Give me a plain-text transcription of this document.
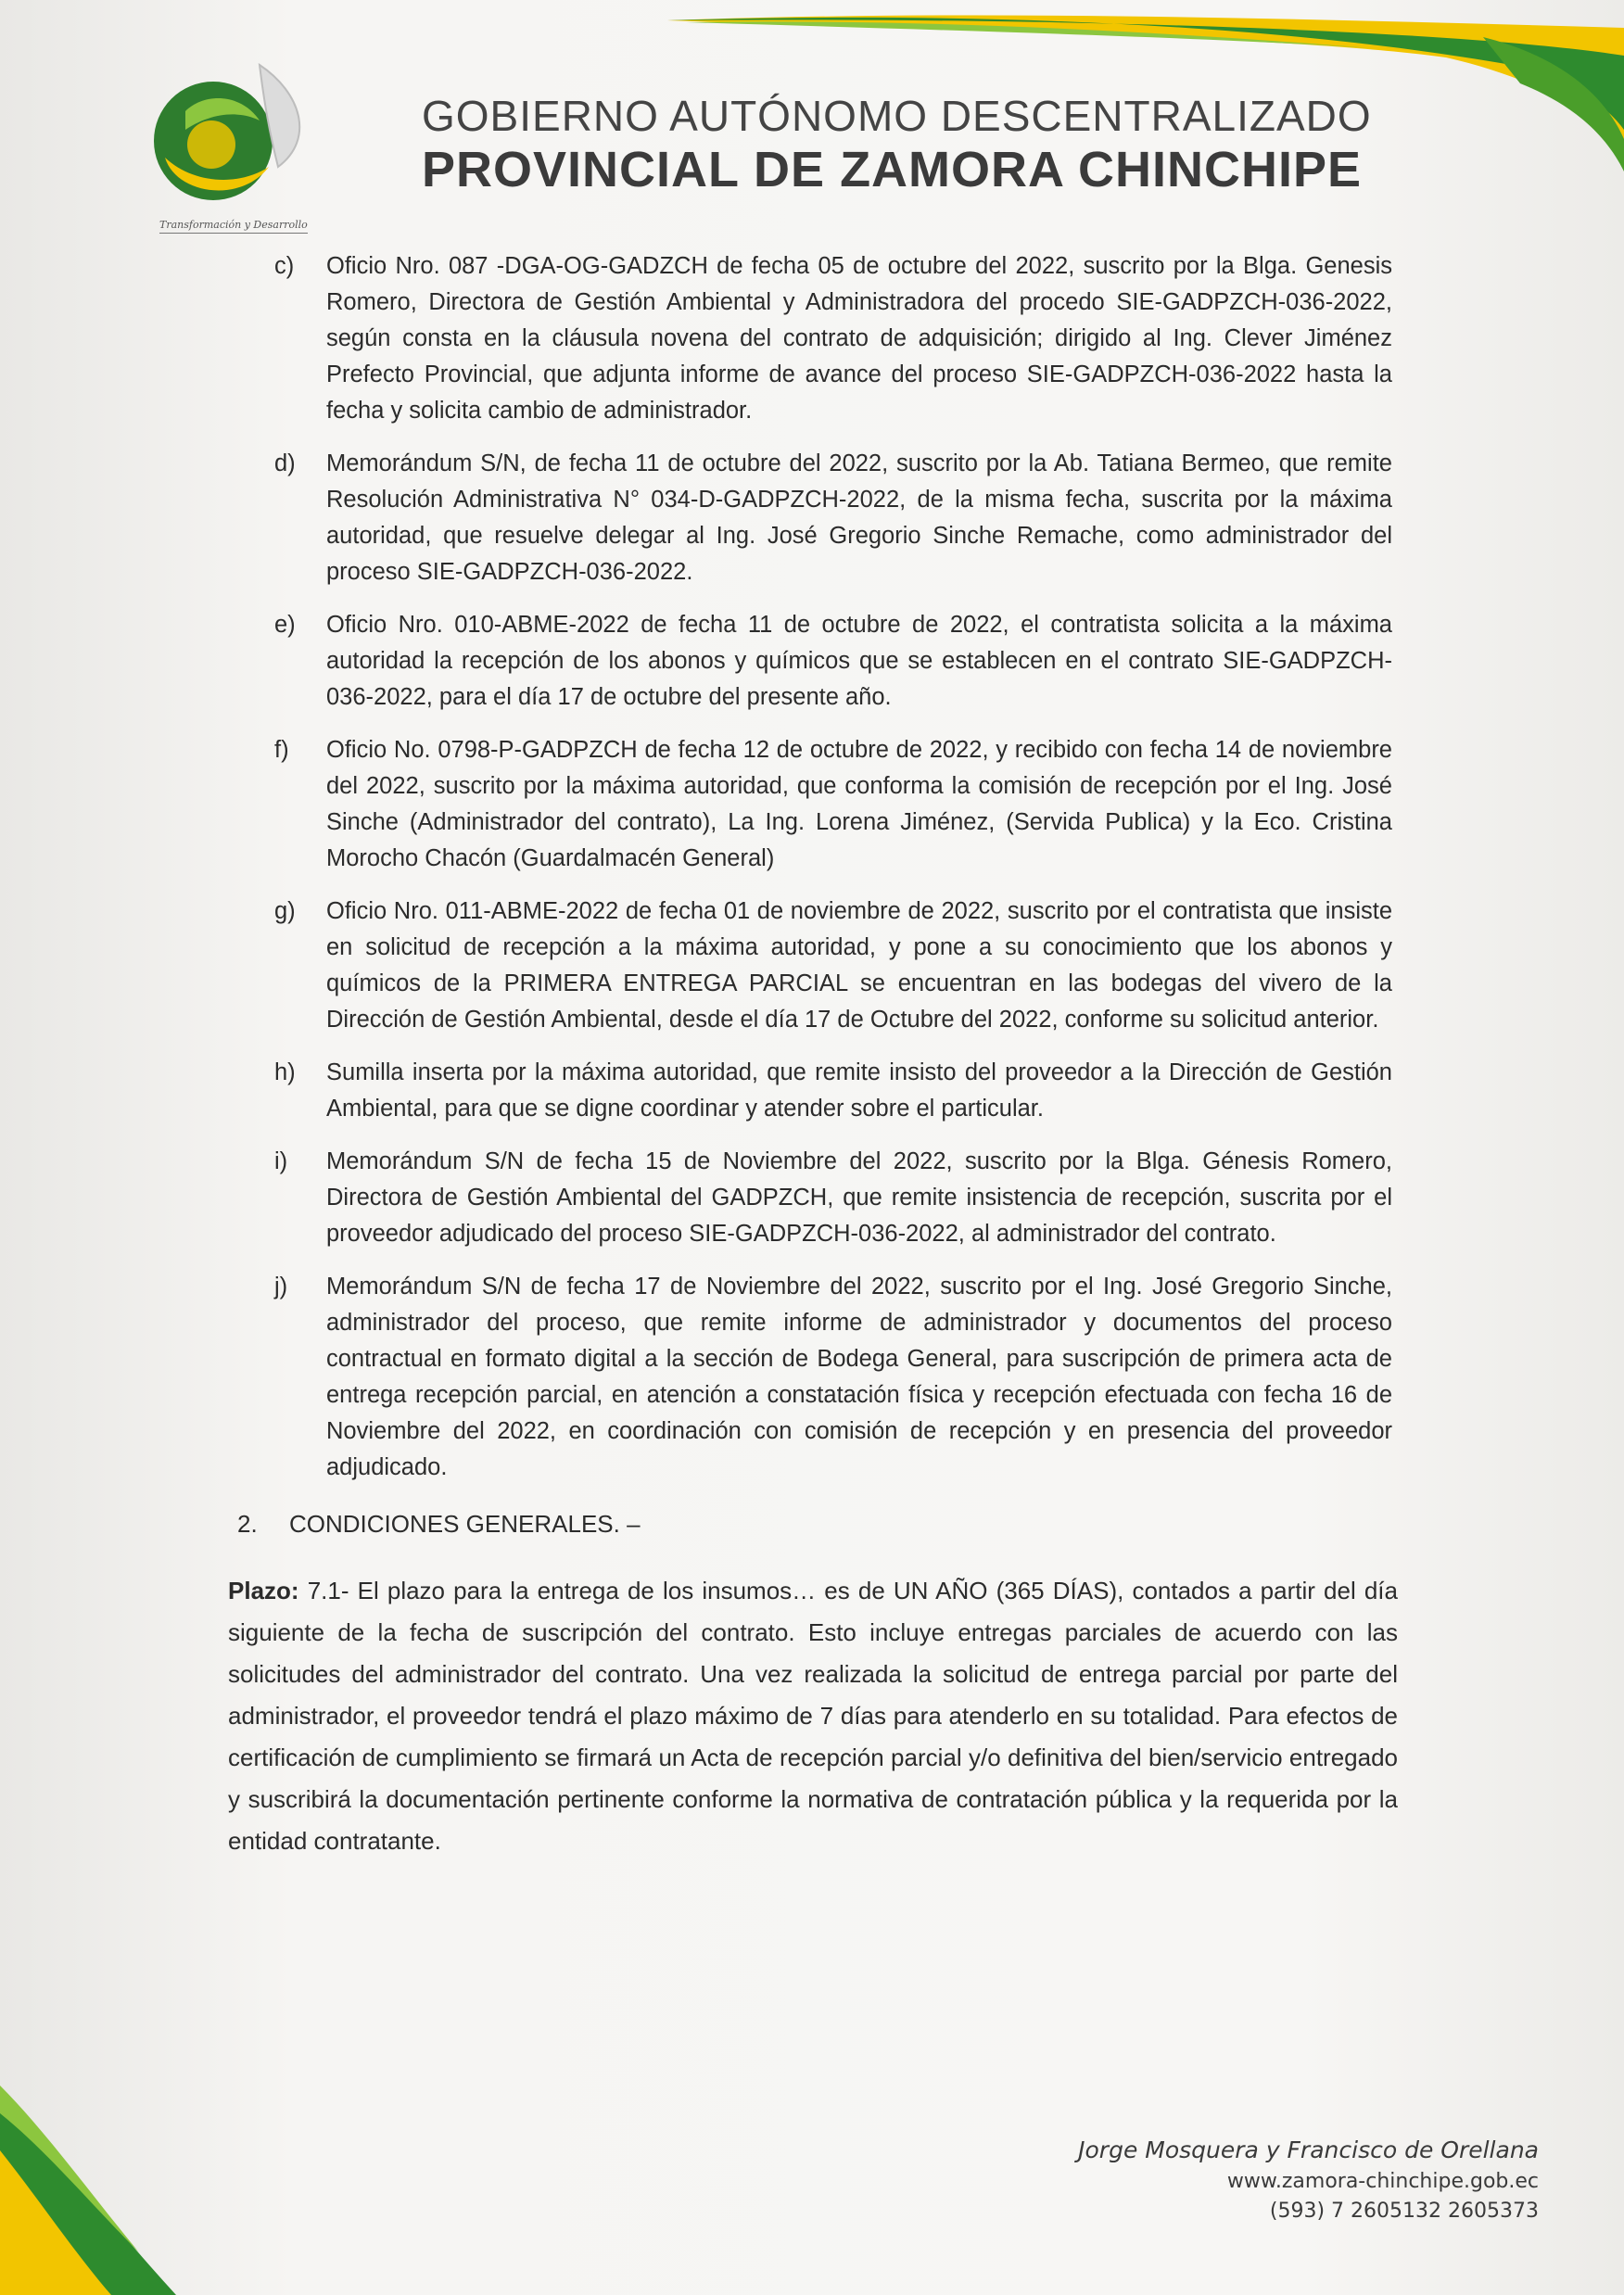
Transformación y Desarrollo
GOBIERNO AUTÓNOMO DESCENTRALIZADO
PROVINCIAL DE ZAMORA CHINCHIPE
c) Oficio Nro. 087 -DGA-OG-GADZCH de fecha 05 de octubre del 2022, suscrito por la Blga. Genesis Romero, Directora de Gestión Ambiental y Administradora del procedo SIE-GADPZCH-036-2022, según consta en la cláusula novena del contrato de adquisición; dirigido al Ing. Clever Jiménez Prefecto Provincial, que adjunta informe de avance del proceso SIE-GADPZCH-036-2022 hasta la fecha y solicita cambio de administrador.
d) Memorándum S/N, de fecha 11 de octubre del 2022, suscrito por la Ab. Tatiana Bermeo, que remite Resolución Administrativa N° 034-D-GADPZCH-2022, de la misma fecha, suscrita por la máxima autoridad, que resuelve delegar al Ing. José Gregorio Sinche Remache, como administrador del proceso SIE-GADPZCH-036-2022.
e) Oficio Nro. 010-ABME-2022 de fecha 11 de octubre de 2022, el contratista solicita a la máxima autoridad la recepción de los abonos y químicos que se establecen en el contrato SIE-GADPZCH-036-2022, para el día 17 de octubre del presente año.
f) Oficio No. 0798-P-GADPZCH de fecha 12 de octubre de 2022, y recibido con fecha 14 de noviembre del 2022, suscrito por la máxima autoridad, que conforma la comisión de recepción por el Ing. José Sinche (Administrador del contrato), La Ing. Lorena Jiménez, (Servida Publica) y la Eco. Cristina Morocho Chacón (Guardalmacén General)
g) Oficio Nro. 011-ABME-2022 de fecha 01 de noviembre de 2022, suscrito por el contratista que insiste en solicitud de recepción a la máxima autoridad, y pone a su conocimiento que los abonos y químicos de la PRIMERA ENTREGA PARCIAL se encuentran en las bodegas del vivero de la Dirección de Gestión Ambiental, desde el día 17 de Octubre del 2022, conforme su solicitud anterior.
h) Sumilla inserta por la máxima autoridad, que remite insisto del proveedor a la Dirección de Gestión Ambiental, para que se digne coordinar y atender sobre el particular.
i) Memorándum S/N de fecha 15 de Noviembre del 2022, suscrito por la Blga. Génesis Romero, Directora de Gestión Ambiental del GADPZCH, que remite insistencia de recepción, suscrita por el proveedor adjudicado del proceso SIE-GADPZCH-036-2022, al administrador del contrato.
j) Memorándum S/N de fecha 17 de Noviembre del 2022, suscrito por el Ing. José Gregorio Sinche, administrador del proceso, que remite informe de administrador y documentos del proceso contractual en formato digital a la sección de Bodega General, para suscripción de primera acta de entrega recepción parcial, en atención a constatación física y recepción efectuada con fecha 16 de Noviembre del 2022, en coordinación con comisión de recepción y en presencia del proveedor adjudicado.
2. CONDICIONES GENERALES. –
Plazo: 7.1- El plazo para la entrega de los insumos… es de UN AÑO (365 DÍAS), contados a partir del día siguiente de la fecha de suscripción del contrato. Esto incluye entregas parciales de acuerdo con las solicitudes del administrador del contrato. Una vez realizada la solicitud de entrega parcial por parte del administrador, el proveedor tendrá el plazo máximo de 7 días para atenderlo en su totalidad. Para efectos de certificación de cumplimiento se firmará un Acta de recepción parcial y/o definitiva del bien/servicio entregado y suscribirá la documentación pertinente conforme la normativa de contratación pública y la requerida por la entidad contratante.
Jorge Mosquera y Francisco de Orellana
www.zamora-chinchipe.gob.ec
(593) 7 2605132 2605373
